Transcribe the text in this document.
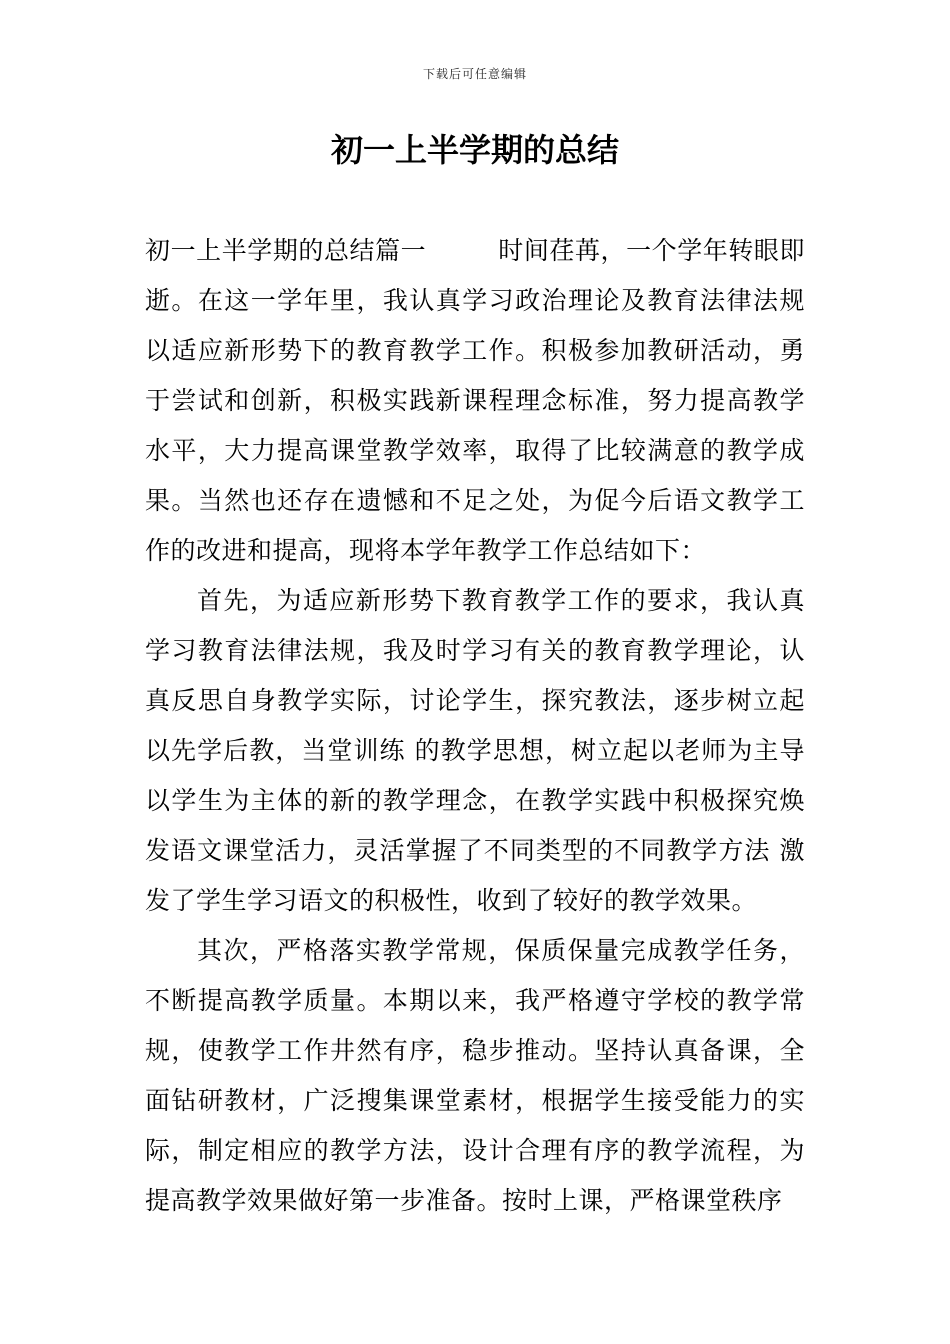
下载后可任意编辑
初一上半学期的总结

初一上半学期的总结篇一	时间荏苒，一个学年转眼即逝。在这一学年里，我认真学习政治理论及教育法律法规以适应新形势下的教育教学工作。积极参加教研活动，勇于尝试和创新，积极实践新课程理念标准，努力提高教学水平，大力提高课堂教学效率，取得了比较满意的教学成果。当然也还存在遗憾和不足之处，为促今后语文教学工作的改进和提高，现将本学年教学工作总结如下：

首先，为适应新形势下教育教学工作的要求，我认真学习教育法律法规，我及时学习有关的教育教学理论，认真反思自身教学实际，讨论学生，探究教法，逐步树立起以先学后教，当堂训练 的教学思想，树立起以老师为主导以学生为主体的新的教学理念，在教学实践中积极探究焕发语文课堂活力，灵活掌握了不同类型的不同教学方法 激发了学生学习语文的积极性，收到了较好的教学效果。

其次，严格落实教学常规，保质保量完成教学任务，不断提高教学质量。本期以来，我严格遵守学校的教学常规，使教学工作井然有序，稳步推动。坚持认真备课，全面钻研教材，广泛搜集课堂素材，根据学生接受能力的实际，制定相应的教学方法，设计合理有序的教学流程，为提高教学效果做好第一步准备。按时上课，严格课堂秩序
